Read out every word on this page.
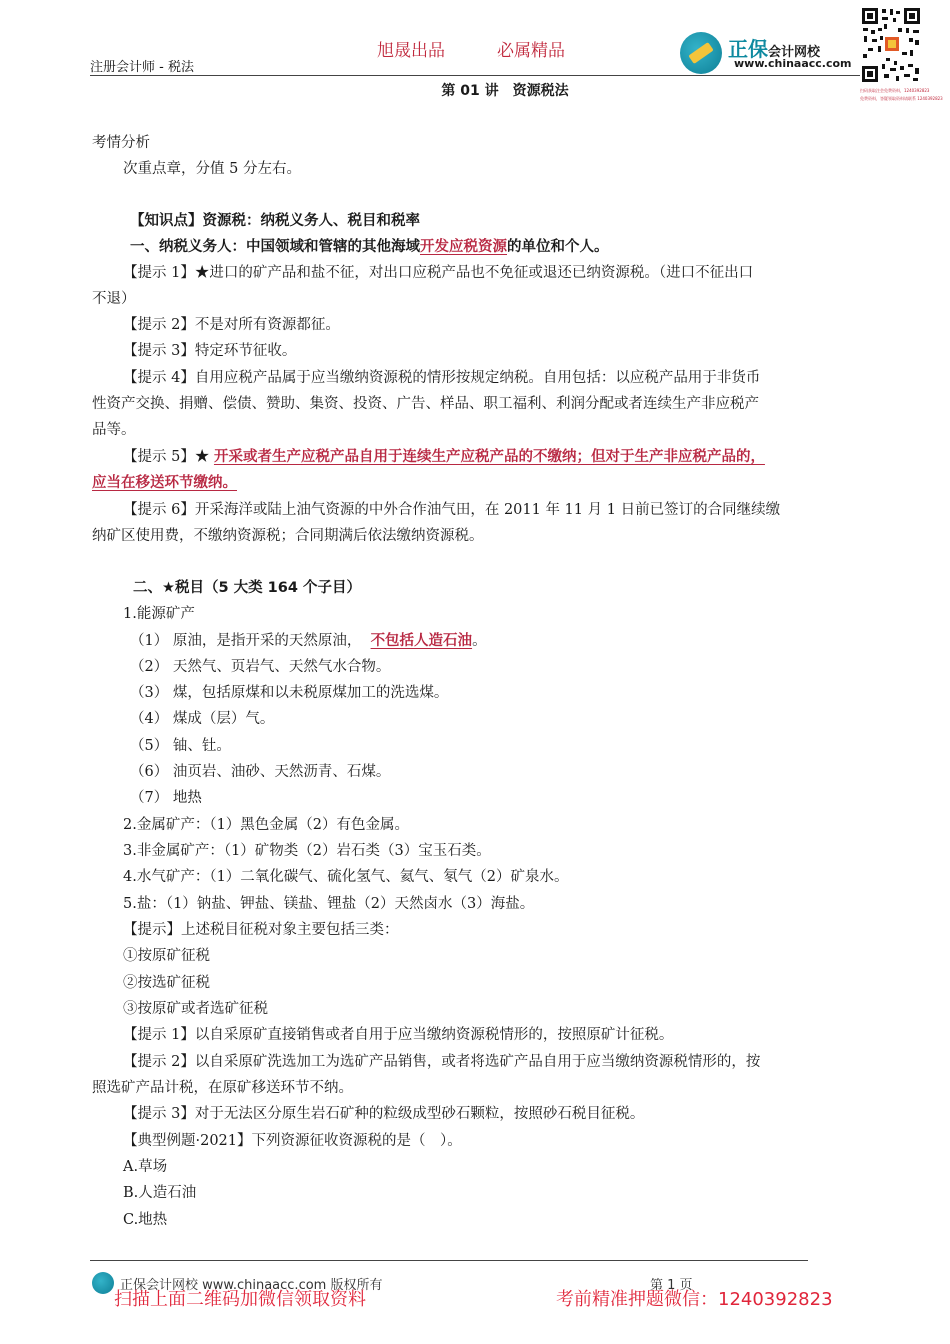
注册会计师 - 税法
旭晟出品	必属精品	正保会计网校
www.chinaacc.com
扫码获取注会免费资料，12403928​23
免费资料，答疑领取资料请联系 1240392823
第 01 讲　资源税法
考情分析
次重点章，分值 5 分左右。
【知识点】资源税：纳税义务人、税目和税率
一、纳税义务人：中国领域和管辖的其他海域开发应税资源的单位和个人。
【提示 1】★进口的矿产品和盐不征，对出口应税产品也不免征或退还已纳资源税。（进口不征出口
不退）
【提示 2】不是对所有资源都征。
【提示 3】特定环节征收。
【提示 4】自用应税产品属于应当缴纳资源税的情形按规定纳税。自用包括：以应税产品用于非货币
性资产交换、捐赠、偿债、赞助、集资、投资、广告、样品、职工福利、利润分配或者连续生产非应税产
品等。
【提示 5】★ 开采或者生产应税产品自用于连续生产应税产品的不缴纳；但对于生产非应税产品的，
应当在移送环节缴纳。
【提示 6】开采海洋或陆上油气资源的中外合作油气田，在 2011 年 11 月 1 日前已签订的合同继续缴
纳矿区使用费，不缴纳资源税；合同期满后依法缴纳资源税。
二、★税目（5 大类 164 个子目）
1.能源矿产
（1） 原油，是指开采的天然原油， 不包括人造石油。
（2） 天然气、页岩气、天然气水合物。
（3） 煤，包括原煤和以未税原煤加工的洗选煤。
（4） 煤成（层）气。
（5） 铀、钍。
（6） 油页岩、油砂、天然沥青、石煤。
（7） 地热
2.金属矿产：（1）黑色金属（2）有色金属。
3.非金属矿产：（1）矿物类（2）岩石类（3）宝玉石类。
4.水气矿产：（1）二氧化碳气、硫化氢气、氦气、氡气（2）矿泉水。
5.盐：（1）钠盐、钾盐、镁盐、锂盐（2）天然卤水（3）海盐。
【提示】上述税目征税对象主要包括三类：
①按原矿征税
②按选矿征税
③按原矿或者选矿征税
【提示 1】以自采原矿直接销售或者自用于应当缴纳资源税情形的，按照原矿计征税。
【提示 2】以自采原矿洗选加工为选矿产品销售，或者将选矿产品自用于应当缴纳资源税情形的，按
照选矿产品计税，在原矿移送环节不纳。
【提示 3】对于无法区分原生岩石矿种的粒级成型砂石颗粒，按照砂石税目征税。
【典型例题·2021】下列资源征收资源税的是（　）。
A.草场
B.人造石油
C.地热
正保会计网校 www.chinaacc.com 版权所有	第 1 页
扫描上面二维码加微信领取资料	考前精准押题微信：1240392823
